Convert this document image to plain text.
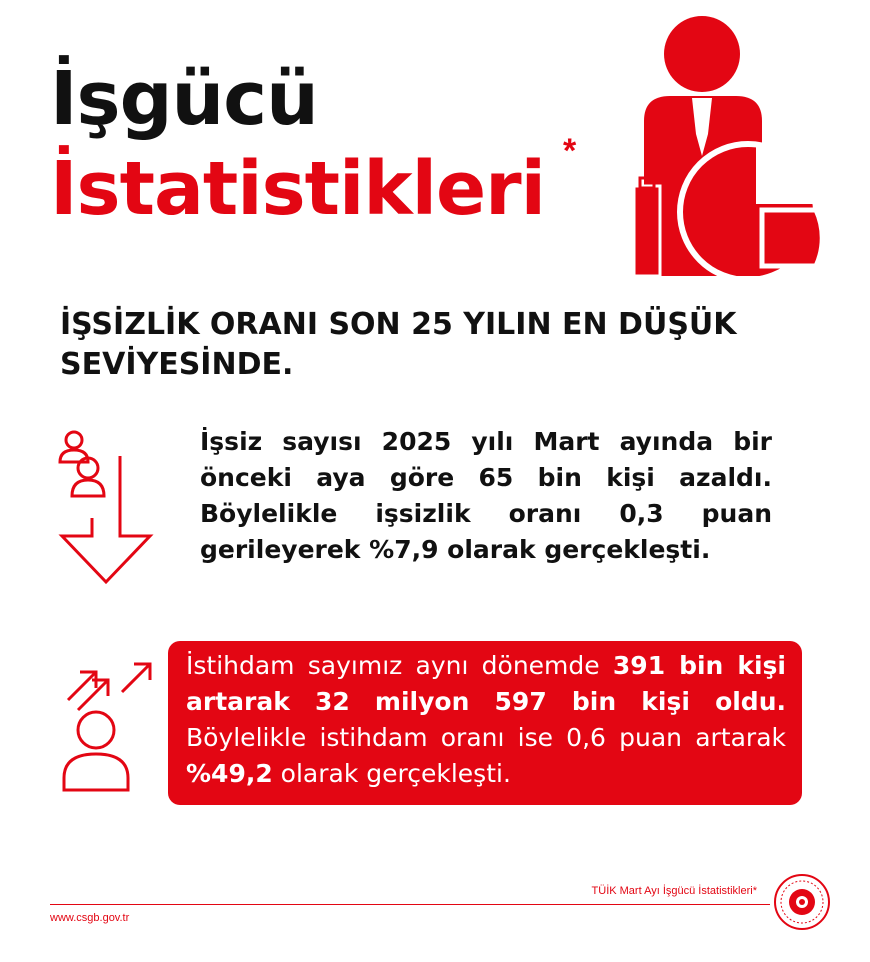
İşgücü
İstatistikleri *
İŞSİZLİK ORANI SON 25 YILIN EN DÜŞÜK SEVİYESİNDE.
İşsiz sayısı 2025 yılı Mart ayında bir önceki aya göre 65 bin kişi azaldı. Böylelikle işsizlik oranı 0,3 puan gerileyerek %7,9 olarak gerçekleşti.
İstihdam sayımız aynı dönemde 391 bin kişi artarak 32 milyon 597 bin kişi oldu. Böylelikle istihdam oranı ise 0,6 puan artarak %49,2 olarak gerçekleşti.
TÜİK Mart Ayı İşgücü İstatistikleri*
www.csgb.gov.tr
